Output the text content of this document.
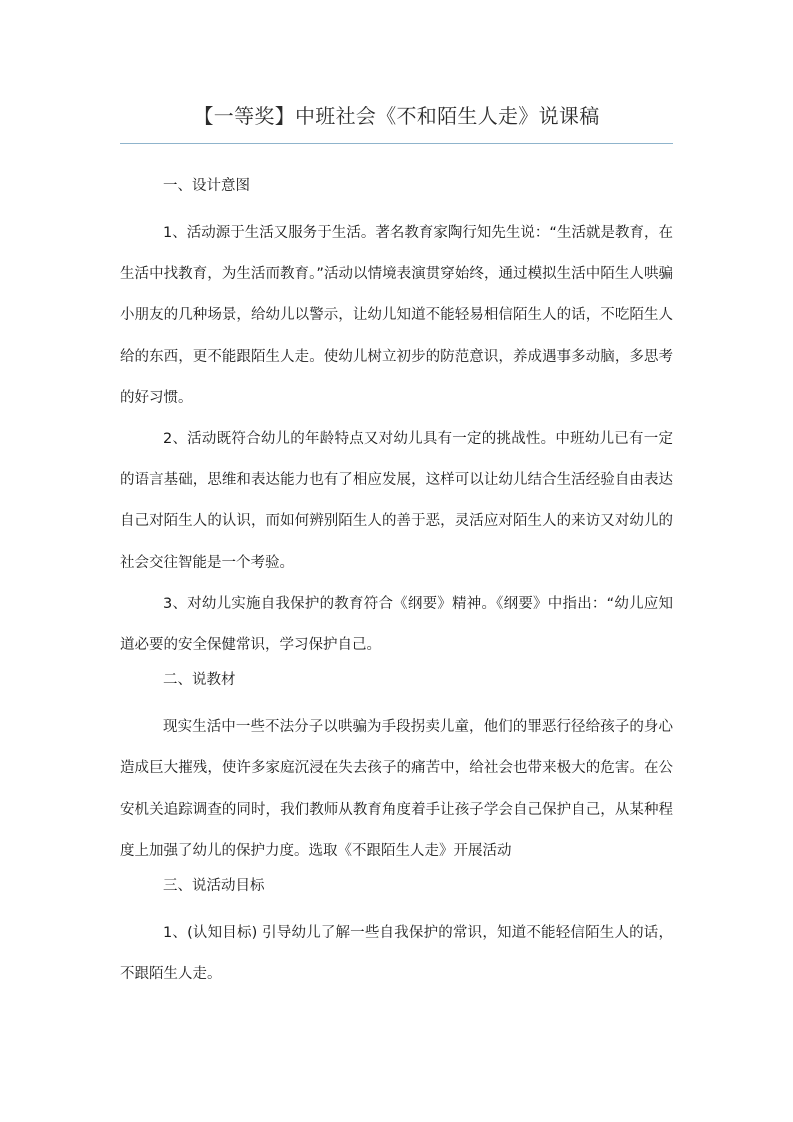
【一等奖】中班社会《不和陌生人走》说课稿
一、设计意图

1、活动源于生活又服务于生活。著名教育家陶行知先生说：“生活就是教育，在生活中找教育，为生活而教育。”活动以情境表演贯穿始终，通过模拟生活中陌生人哄骗小朋友的几种场景，给幼儿以警示，让幼儿知道不能轻易相信陌生人的话，不吃陌生人给的东西，更不能跟陌生人走。使幼儿树立初步的防范意识，养成遇事多动脑，多思考的好习惯。

2、活动既符合幼儿的年龄特点又对幼儿具有一定的挑战性。中班幼儿已有一定的语言基础，思维和表达能力也有了相应发展，这样可以让幼儿结合生活经验自由表达自己对陌生人的认识，而如何辨别陌生人的善于恶，灵活应对陌生人的来访又对幼儿的社会交往智能是一个考验。

3、对幼儿实施自我保护的教育符合《纲要》精神。《纲要》中指出：“幼儿应知道必要的安全保健常识，学习保护自己。

二、说教材

现实生活中一些不法分子以哄骗为手段拐卖儿童，他们的罪恶行径给孩子的身心造成巨大摧残，使许多家庭沉浸在失去孩子的痛苦中，给社会也带来极大的危害。在公安机关追踪调查的同时，我们教师从教育角度着手让孩子学会自己保护自己，从某种程度上加强了幼儿的保护力度。选取《不跟陌生人走》开展活动

三、说活动目标

1、(认知目标) 引导幼儿了解一些自我保护的常识，知道不能轻信陌生人的话，不跟陌生人走。
